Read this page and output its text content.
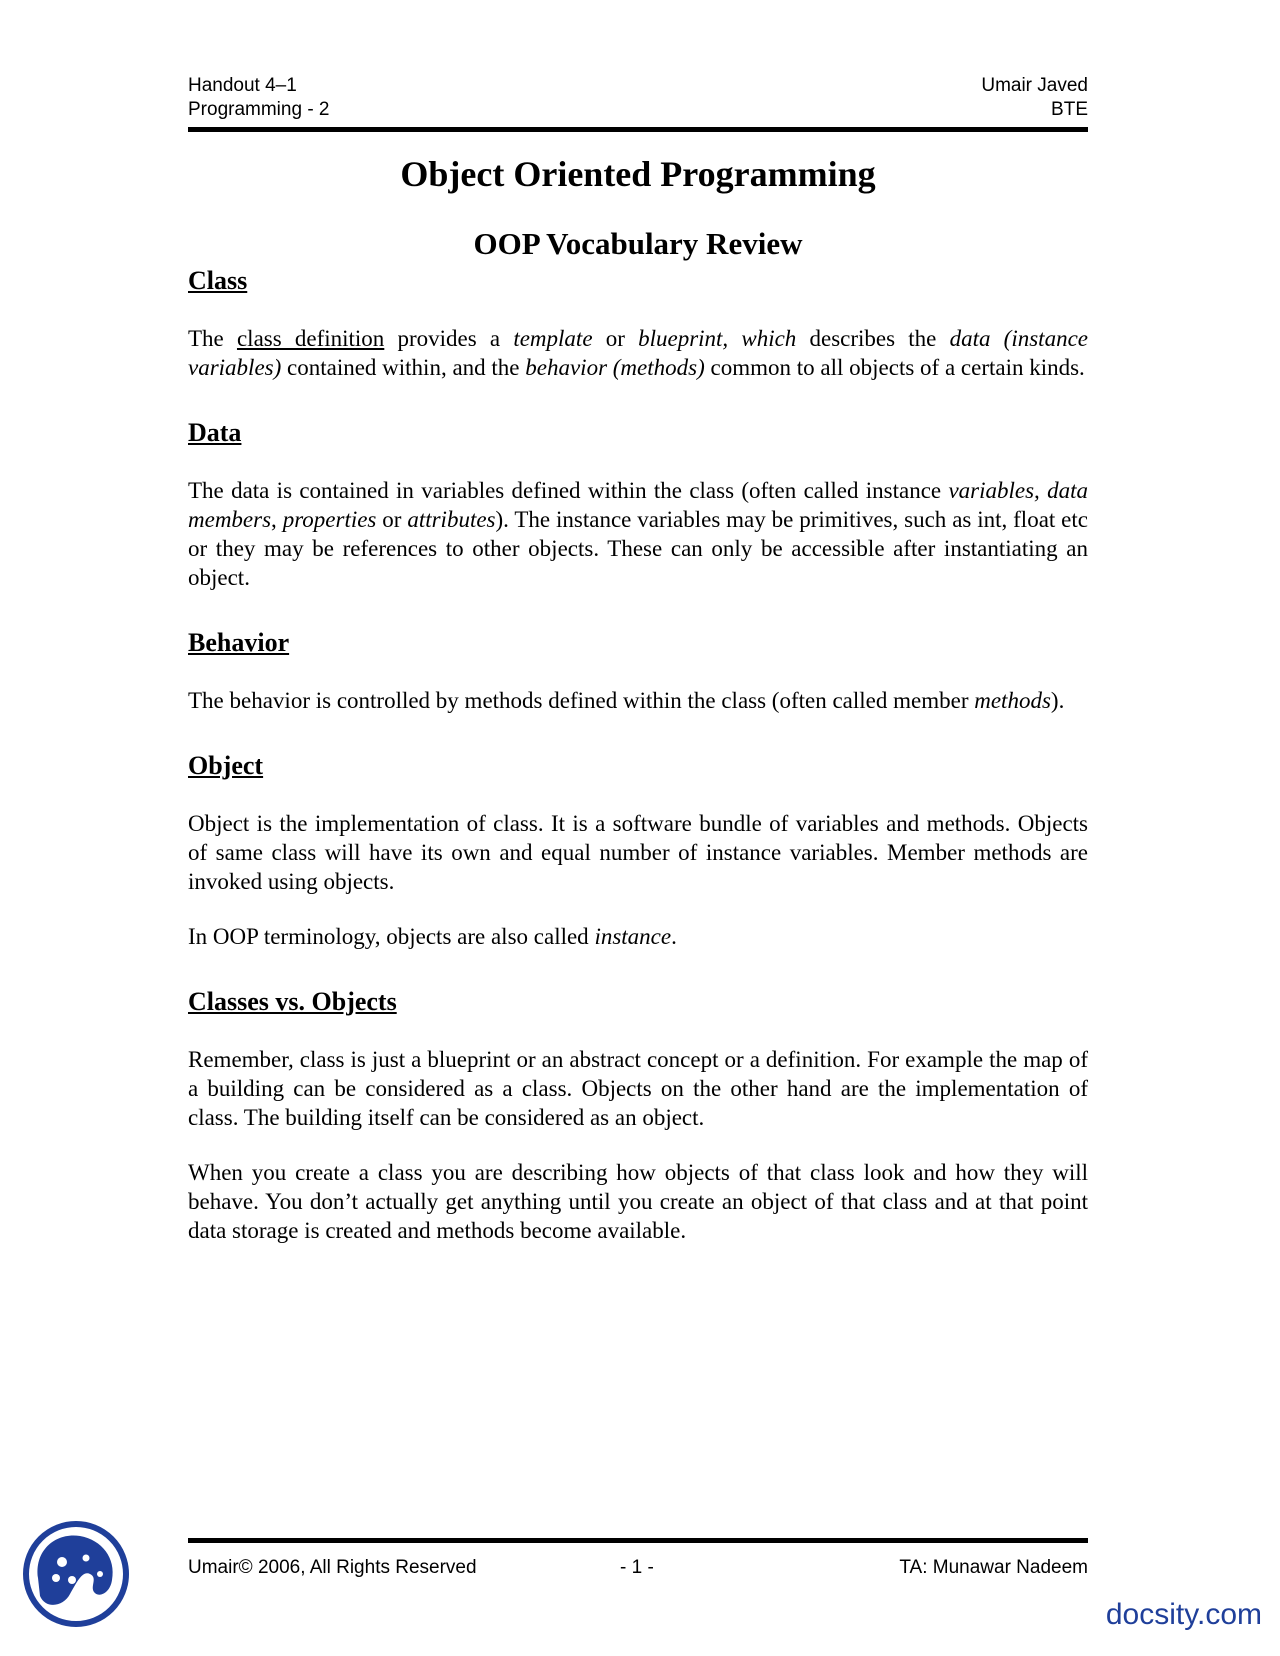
Handout 4–1
Programming - 2
Umair Javed
BTE
Object Oriented Programming
OOP Vocabulary Review
Class

The class definition provides a template or blueprint, which describes the data (instance variables) contained within, and the behavior (methods) common to all objects of a certain kinds.

Data

The data is contained in variables defined within the class (often called instance variables, data members, properties or attributes). The instance variables may be primitives, such as int, float etc or they may be references to other objects. These can only be accessible after instantiating an object.

Behavior

The behavior is controlled by methods defined within the class (often called member methods).

Object

Object is the implementation of class. It is a software bundle of variables and methods. Objects of same class will have its own and equal number of instance variables. Member methods are invoked using objects.

In OOP terminology, objects are also called instance.

Classes vs. Objects

Remember, class is just a blueprint or an abstract concept or a definition. For example the map of a building can be considered as a class. Objects on the other hand are the implementation of class. The building itself can be considered as an object.

When you create a class you are describing how objects of that class look and how they will behave. You don’t actually get anything until you create an object of that class and at that point data storage is created and methods become available.

Umair© 2006, All Rights Reserved	- 1 -	TA: Munawar Nadeem
docsity.com
